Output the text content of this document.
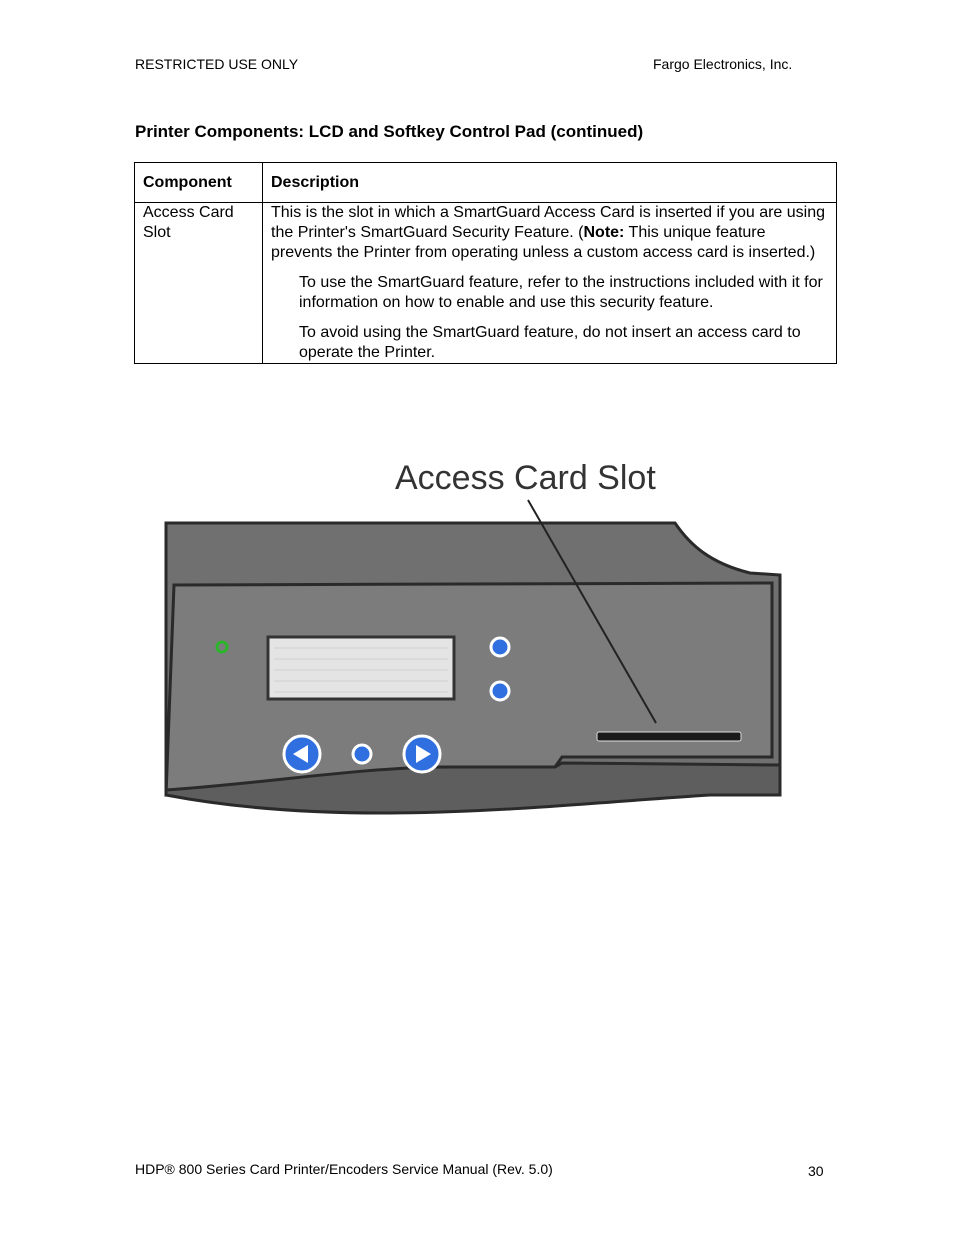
RESTRICTED USE ONLY	Fargo Electronics, Inc.
Printer Components: LCD and Softkey Control Pad (continued)
Component	Description
Access Card Slot	This is the slot in which a SmartGuard Access Card is inserted if you are using the Printer's SmartGuard Security Feature. (Note: This unique feature prevents the Printer from operating unless a custom access card is inserted.)

To use the SmartGuard feature, refer to the instructions included with it for information on how to enable and use this security feature.

To avoid using the SmartGuard feature, do not insert an access card to operate the Printer.

Access Card Slot
HDP® 800 Series Card Printer/Encoders Service Manual (Rev. 5.0)	30
